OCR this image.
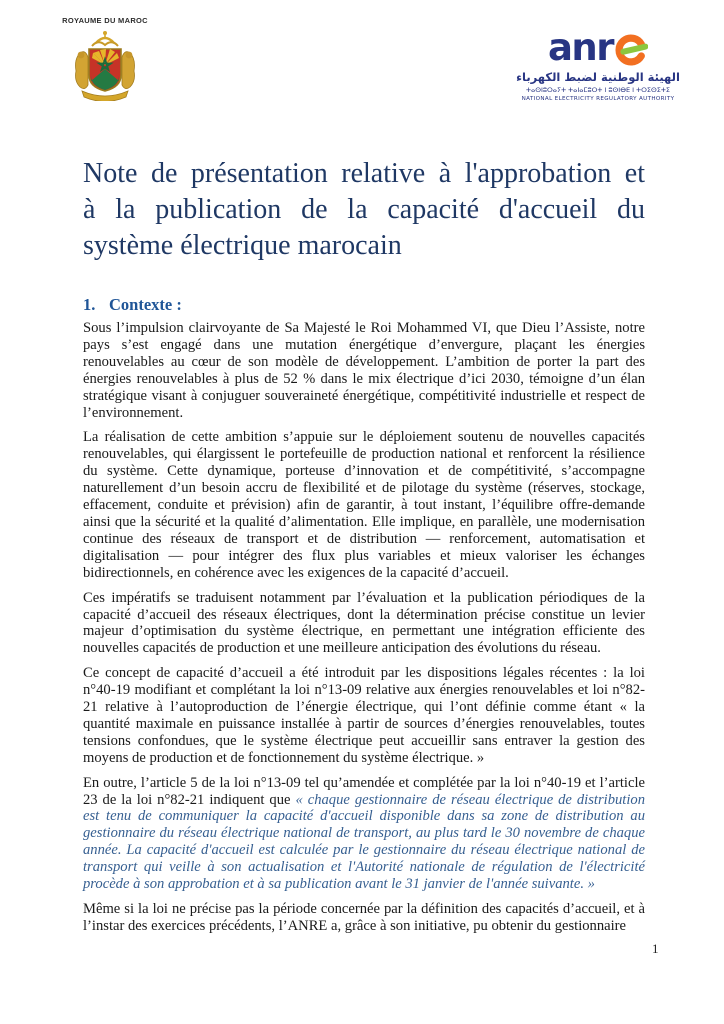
ROYAUME DU MAROC
anr
الهيئة الوطنية لضبط الكهرباء
ⵜⴰⵙⵏⵓⵔⴰⵢⵜ ⵜⴰⵏⴰⵎⵓⵔⵜ ⵏ ⵓⵙⵏⴱⴹ ⵏ ⵜⵔⵉⵙⵉⵜⵉ
NATIONAL ELECTRICITY REGULATORY AUTHORITY
Note de présentation relative à l'approbation et
à la publication de la capacité d'accueil du
système électrique marocain
1. Contexte :

Sous l’impulsion clairvoyante de Sa Majesté le Roi Mohammed VI, que Dieu l’Assiste, notre pays s’est engagé dans une mutation énergétique d’envergure, plaçant les énergies renouvelables au cœur de son modèle de développement. L’ambition de porter la part des énergies renouvelables à plus de 52 % dans le mix électrique d’ici 2030, témoigne d’un élan stratégique visant à conjuguer souveraineté énergétique, compétitivité industrielle et respect de l’environnement.

La réalisation de cette ambition s’appuie sur le déploiement soutenu de nouvelles capacités renouvelables, qui élargissent le portefeuille de production national et renforcent la résilience du système. Cette dynamique, porteuse d’innovation et de compétitivité, s’accompagne naturellement d’un besoin accru de flexibilité et de pilotage du système (réserves, stockage, effacement, conduite et prévision) afin de garantir, à tout instant, l’équilibre offre-demande ainsi que la sécurité et la qualité d’alimentation. Elle implique, en parallèle, une modernisation continue des réseaux de transport et de distribution — renforcement, automatisation et digitalisation — pour intégrer des flux plus variables et mieux valoriser les échanges bidirectionnels, en cohérence avec les exigences de la capacité d’accueil.

Ces impératifs se traduisent notamment par l’évaluation et la publication périodiques de la capacité d’accueil des réseaux électriques, dont la détermination précise constitue un levier majeur d’optimisation du système électrique, en permettant une intégration efficiente des nouvelles capacités de production et une meilleure anticipation des évolutions du réseau.

Ce concept de capacité d’accueil a été introduit par les dispositions légales récentes : la loi n°40-19 modifiant et complétant la loi n°13-09 relative aux énergies renouvelables et loi n°82-21 relative à l’autoproduction de l’énergie électrique, qui l’ont définie comme étant « la quantité maximale en puissance installée à partir de sources d’énergies renouvelables, toutes tensions confondues, que le système électrique peut accueillir sans entraver la gestion des moyens de production et de fonctionnement du système électrique. »

En outre, l’article 5 de la loi n°13-09 tel qu’amendée et complétée par la loi n°40-19 et l’article 23 de la loi n°82-21 indiquent que « chaque gestionnaire de réseau électrique de distribution est tenu de communiquer la capacité d'accueil disponible dans sa zone de distribution au gestionnaire du réseau électrique national de transport, au plus tard le 30 novembre de chaque année. La capacité d'accueil est calculée par le gestionnaire du réseau électrique national de transport qui veille à son actualisation et l'Autorité nationale de régulation de l'électricité procède à son approbation et à sa publication avant le 31 janvier de l'année suivante. »

Même si la loi ne précise pas la période concernée par la définition des capacités d’accueil, et à l’instar des exercices précédents, l’ANRE a, grâce à son initiative, pu obtenir du gestionnaire

1
